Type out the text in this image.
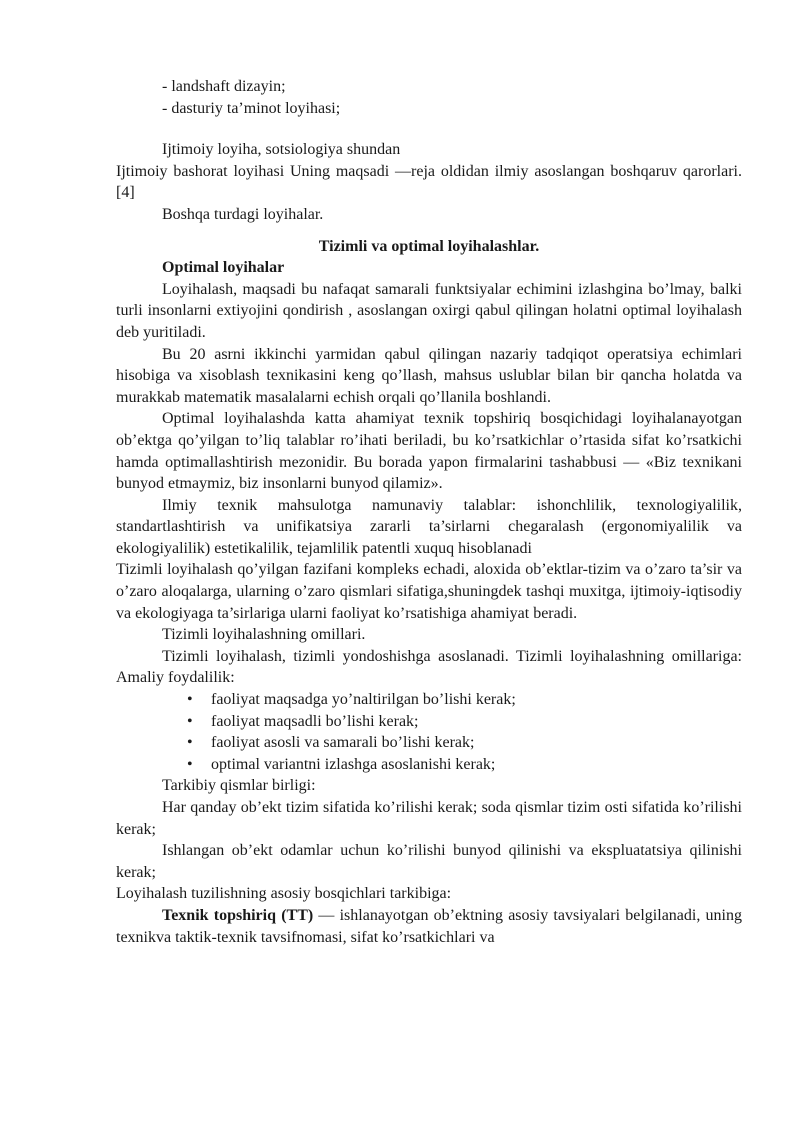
- landshaft dizayin;

- dasturiy ta’minot loyihasi;

Ijtimoiy loyiha, sotsiologiya shundan

Ijtimoiy bashorat loyihasi Uning maqsadi —reja oldidan ilmiy asoslangan boshqaruv qarorlari.[4]

Boshqa turdagi loyihalar.

Tizimli va optimal loyihalashlar.

Optimal loyihalar

Loyihalash, maqsadi bu nafaqat samarali funktsiyalar echimini izlashgina bo’lmay, balki turli insonlarni extiyojini qondirish , asoslangan oxirgi qabul qilingan holatni optimal loyihalash deb yuritiladi.

Bu 20 asrni ikkinchi yarmidan qabul qilingan nazariy tadqiqot operatsiya echimlari hisobiga va xisoblash texnikasini keng qo’llash, mahsus uslublar bilan bir qancha holatda va murakkab matematik masalalarni echish orqali qo’llanila boshlandi.

Optimal loyihalashda katta ahamiyat texnik topshiriq bosqichidagi loyihalanayotgan ob’ektga qo’yilgan to’liq talablar ro’ihati beriladi, bu ko’rsatkichlar o’rtasida sifat ko’rsatkichi hamda optimallashtirish mezonidir. Bu borada yapon firmalarini tashabbusi — «Biz texnikani bunyod etmaymiz, biz insonlarni bunyod qilamiz».

Ilmiy texnik mahsulotga namunaviy talablar: ishonchlilik, texnologiyalilik, standartlashtirish va unifikatsiya zararli ta’sirlarni chegaralash (ergonomiyalilik va ekologiyalilik) estetikalilik, tejamlilik patentli xuquq hisoblanadi

Tizimli loyihalash qo’yilgan fazifani kompleks echadi, aloxida ob’ektlar-tizim va o’zaro ta’sir va o’zaro aloqalarga, ularning o’zaro qismlari sifatiga,shuningdek tashqi muxitga, ijtimoiy-iqtisodiy va ekologiyaga ta’sirlariga ularni faoliyat ko’rsatishiga ahamiyat beradi.

Tizimli loyihalashning omillari.

Tizimli loyihalash, tizimli yondoshishga asoslanadi. Tizimli loyihalashning omillariga: Amaliy foydalilik:

• faoliyat maqsadga yo’naltirilgan bo’lishi kerak;
• faoliyat maqsadli bo’lishi kerak;
• faoliyat asosli va samarali bo’lishi kerak;
• optimal variantni izlashga asoslanishi kerak;

Tarkibiy qismlar birligi:

Har qanday ob’ekt tizim sifatida ko’rilishi kerak; soda qismlar tizim osti sifatida ko’rilishi kerak;

Ishlangan ob’ekt odamlar uchun ko’rilishi bunyod qilinishi va ekspluatatsiya qilinishi kerak;

Loyihalash tuzilishning asosiy bosqichlari tarkibiga:

Texnik topshiriq (TT) — ishlanayotgan ob’ektning asosiy tavsiyalari belgilanadi, uning texnikva taktik-texnik tavsifnomasi, sifat ko’rsatkichlari va
